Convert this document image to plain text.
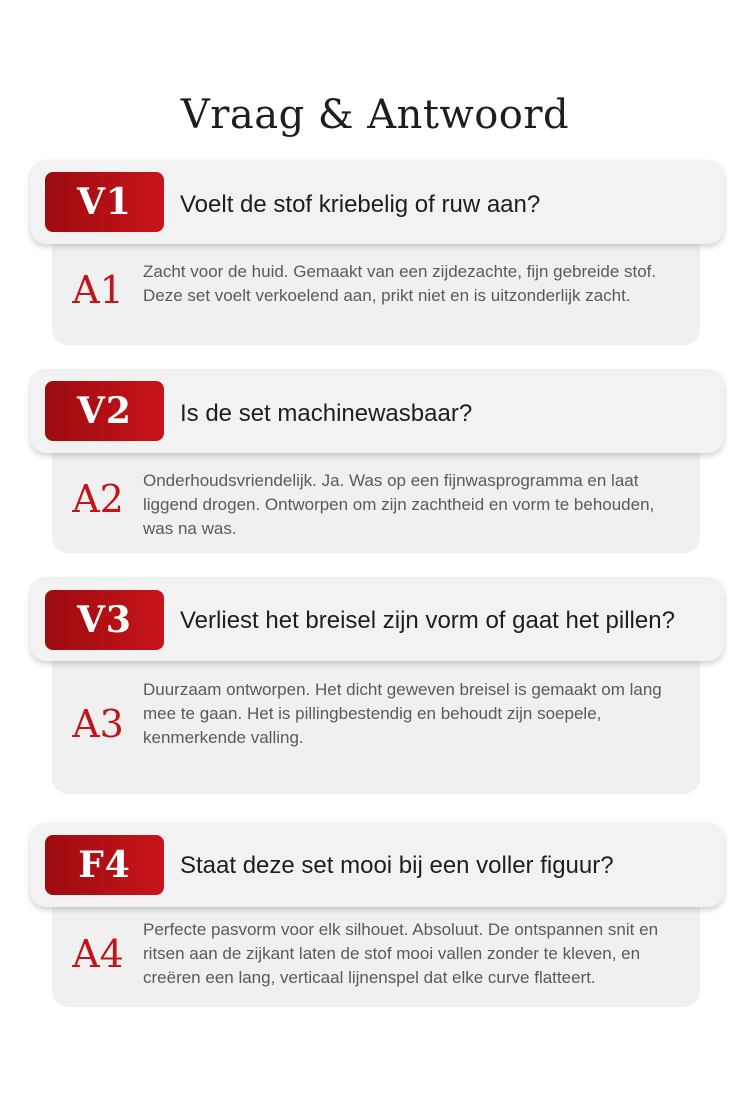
Vraag & Antwoord
V1	Voelt de stof kriebelig of ruw aan?
A1	Zacht voor de huid. Gemaakt van een zijdezachte, fijn gebreide stof. Deze set voelt verkoelend aan, prikt niet en is uitzonderlijk zacht.
V2	Is de set machinewasbaar?
A2	Onderhoudsvriendelijk. Ja. Was op een fijnwasprogramma en laat liggend drogen. Ontworpen om zijn zachtheid en vorm te behouden, was na was.
V3	Verliest het breisel zijn vorm of gaat het pillen?
A3
Duurzaam ontworpen. Het dicht geweven breisel is gemaakt om lang mee te gaan. Het is pillingbestendig en behoudt zijn soepele, kenmerkende valling.
F4	Staat deze set mooi bij een voller figuur?
A4
Perfecte pasvorm voor elk silhouet. Absoluut. De ontspannen snit en ritsen aan de zijkant laten de stof mooi vallen zonder te kleven, en creëren een lang, verticaal lijnenspel dat elke curve flatteert.
